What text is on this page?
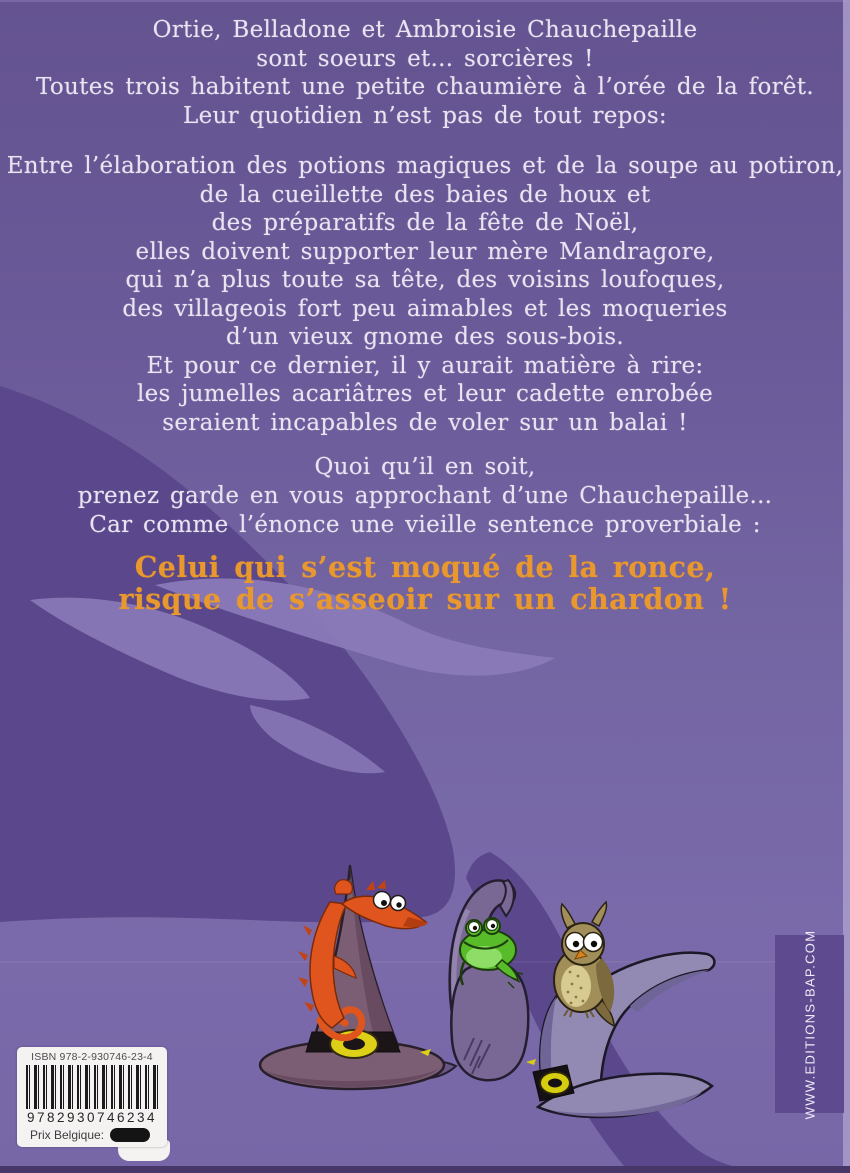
Ortie, Belladone et Ambroisie Chauchepaille
sont soeurs et... sorcières !
Toutes trois habitent une petite chaumière à l’orée de la forêt.
Leur quotidien n’est pas de tout repos:
Entre l’élaboration des potions magiques et de la soupe au potiron,
de la cueillette des baies de houx et
des préparatifs de la fête de Noël,
elles doivent supporter leur mère Mandragore,
qui n’a plus toute sa tête, des voisins loufoques,
des villageois fort peu aimables et les moqueries
d’un vieux gnome des sous-bois.
Et pour ce dernier, il y aurait matière à rire:
les jumelles acariâtres et leur cadette enrobée
seraient incapables de voler sur un balai !
Quoi qu’il en soit,
prenez garde en vous approchant d’une Chauchepaille...
Car comme l’énonce une vieille sentence proverbiale :
Celui qui s’est moqué de la ronce,
risque de s’asseoir sur un chardon !
WWW.EDITIONS-BAP.COM
ISBN 978-2-930746-23-4
9782930746234
Prix Belgique:
